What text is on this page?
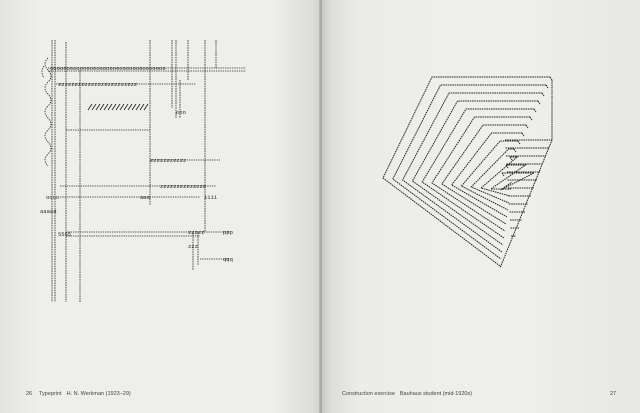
ooooooooooooooooooooooooooooooooooo
zzzzzzzzzzzzzzzzzzzzzzzz
zzzzzzzzzzz
zzzzzzzzzzzzzz
zzzzz
oooo	aaa	1111
aaaaa
5555
zzz
ppp
qqq
ooo
26 Typeprint H. N. Werkman (1923–29)	Construction exercise Bauhaus student (mid-1920s)	27
